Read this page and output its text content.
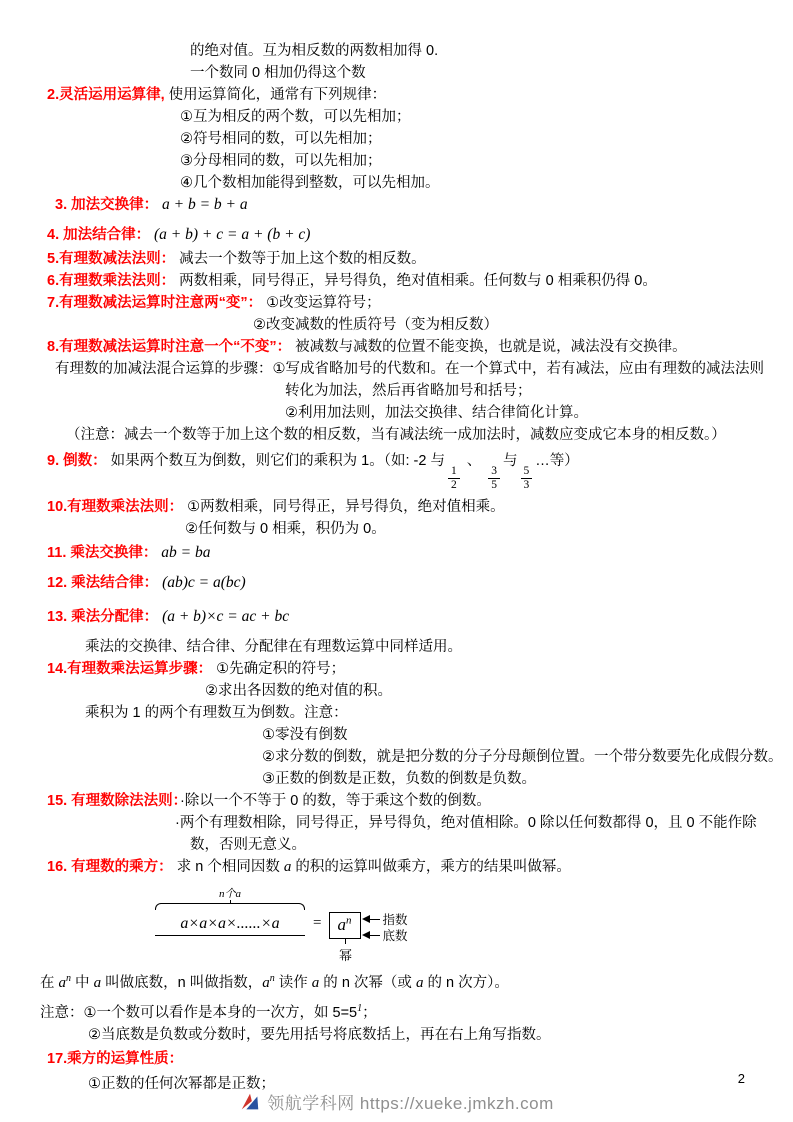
的绝对值。互为相反数的两数相加得 0.
一个数同 0 相加仍得这个数
2.灵活运用运算律, 使用运算简化，通常有下列规律：
①互为相反的两个数，可以先相加；
②符号相同的数，可以先相加；
③分母相同的数，可以先相加；
④几个数相加能得到整数，可以先相加。
3. 加法交换律： a + b = b + a
4. 加法结合律： (a + b) + c = a + (b + c)
5.有理数减法法则： 减去一个数等于加上这个数的相反数。
6.有理数乘法法则： 两数相乘，同号得正，异号得负，绝对值相乘。任何数与 0 相乘积仍得 0。
7.有理数减法运算时注意两“变”： ①改变运算符号；
②改变减数的性质符号（变为相反数）
8.有理数减法运算时注意一个“不变”： 被减数与减数的位置不能变换，也就是说，减法没有交换律。
有理数的加减法混合运算的步骤：①写成省略加号的代数和。在一个算式中，若有减法，应由有理数的减法法则
转化为加法，然后再省略加号和括号；
②利用加法则，加法交换律、结合律简化计算。
（注意：减去一个数等于加上这个数的相反数，当有减法统一成加法时，减数应变成它本身的相反数。）
9. 倒数： 如果两个数互为倒数，则它们的乘积为 1。（如: -2 与
$\frac{1}{2}$
、
$\frac{3}{5}$
与
$\frac{5}{3}$
…等）
10.有理数乘法法则： ①两数相乘，同号得正，异号得负，绝对值相乘。
②任何数与 0 相乘，积仍为 0。
11. 乘法交换律： ab = ba
12. 乘法结合律： (ab)c = a(bc)
13. 乘法分配律： (a + b)×c = ac + bc
乘法的交换律、结合律、分配律在有理数运算中同样适用。
14.有理数乘法运算步骤： ①先确定积的符号；
②求出各因数的绝对值的积。
乘积为 1 的两个有理数互为倒数。注意：
①零没有倒数
②求分数的倒数，就是把分数的分子分母颠倒位置。一个带分数要先化成假分数。
③正数的倒数是正数，负数的倒数是负数。
15. 有理数除法法则：·除以一个不等于 0 的数，等于乘这个数的倒数。
·两个有理数相除，同号得正，异号得负，绝对值相除。0 除以任何数都得 0，且 0 不能作除
数，否则无意义。
16. 有理数的乘方： 求 n 个相同因数 a 的积的运算叫做乘方，乘方的结果叫做幂。
n个a
a×a×a×......×a	= $a^n$
幂
指数
底数
在 $a^n$ 中 a 叫做底数，n 叫做指数，$a^n$ 读作 a 的 n 次幂（或 a 的 n 次方）。
注意：①一个数可以看作是本身的一次方，如 $5=5^1$；
②当底数是负数或分数时，要先用括号将底数括上，再在右上角写指数。
17.乘方的运算性质：
①正数的任何次幂都是正数；	2
领航学科网 https://xueke.jmkzh.com
